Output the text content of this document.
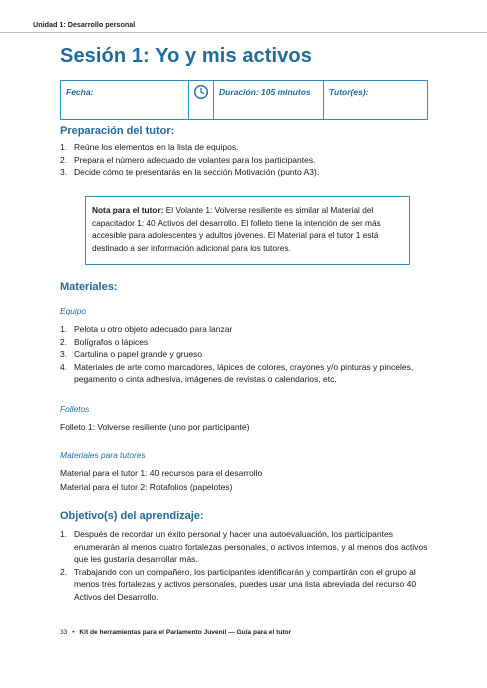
Unidad 1: Desarrollo personal
Sesión 1: Yo y mis activos
Fecha:	Duración: 105 minutos	Tutor(es):
Preparación del tutor:
1. Reúne los elementos en la lista de equipos.
2. Prepara el número adecuado de volantes para los participantes.
3. Decide cómo te presentarás en la sección Motivación (punto A3).
Nota para el tutor: El Volante 1: Volverse resiliente es similar al Material del capacitador 1: 40 Activos del desarrollo. El folleto tiene la intención de ser más accesible para adolescentes y adultos jóvenes. El Material para el tutor 1 está destinado a ser información adicional para los tutores.
Materiales:
Equipo
1. Pelota u otro objeto adecuado para lanzar
2. Bolígrafos o lápices
3. Cartulina o papel grande y grueso
4. Materiales de arte como marcadores, lápices de colores, crayones y/o pinturas y pinceles, pegamento o cinta adhesiva, imágenes de revistas o calendarios, etc.
Folletos
Folleto 1: Volverse resiliente (uno por participante)
Materiales para tutores
Material para el tutor 1: 40 recursos para el desarrollo
Material para el tutor 2: Rotafolios (papelotes)
Objetivo(s) del aprendizaje:
1. Después de recordar un éxito personal y hacer una autoevaluación, los participantes enumerarán al menos cuatro fortalezas personales, o activos internos, y al menos dos activos que les gustaría desarrollar más.
2. Trabajando con un compañero, los participantes identificarán y compartirán con el grupo al menos tres fortalezas y activos personales, puedes usar una lista abreviada del recurso 40 Activos del Desarrollo.
33 • Kit de herramientas para el Parlamento Juvenil — Guía para el tutor
